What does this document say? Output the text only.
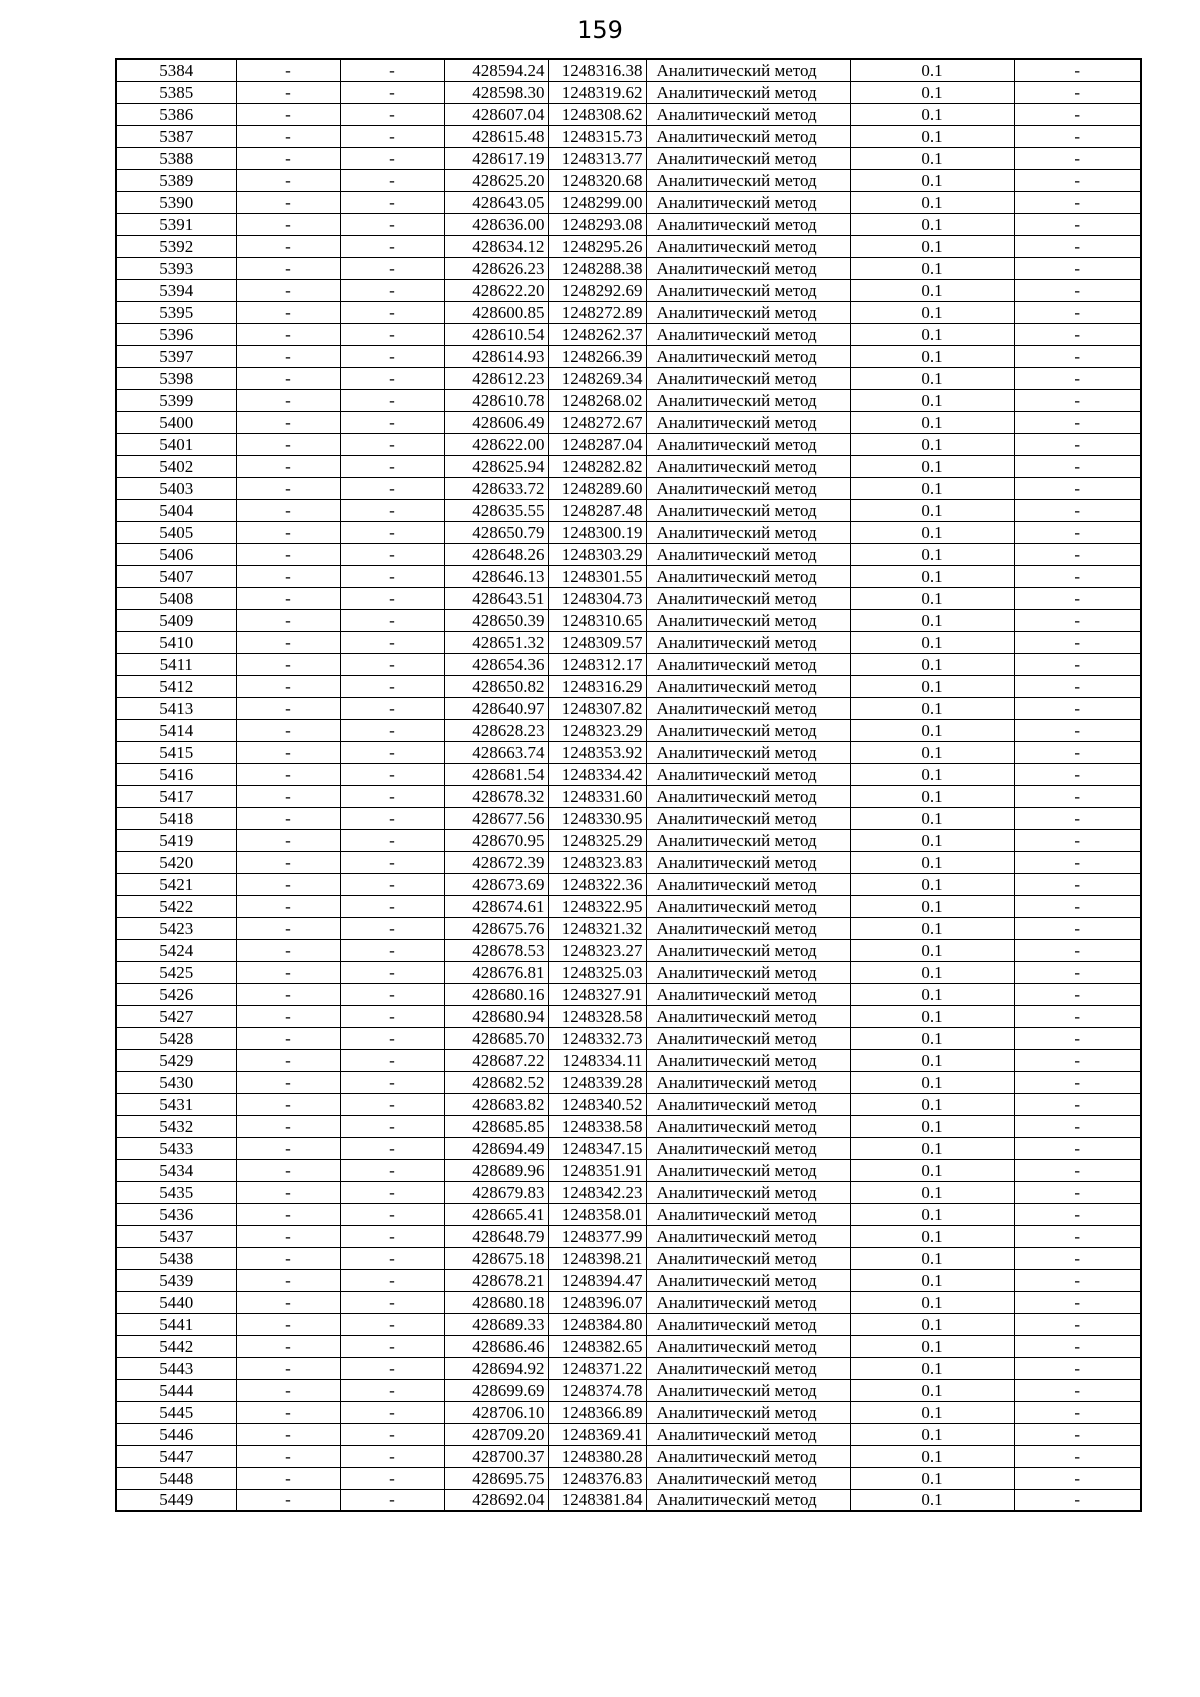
159
5384	-	-	428594.24	1248316.38	Аналитический метод	0.1	-
5385	-	-	428598.30	1248319.62	Аналитический метод	0.1	-
5386	-	-	428607.04	1248308.62	Аналитический метод	0.1	-
5387	-	-	428615.48	1248315.73	Аналитический метод	0.1	-
5388	-	-	428617.19	1248313.77	Аналитический метод	0.1	-
5389	-	-	428625.20	1248320.68	Аналитический метод	0.1	-
5390	-	-	428643.05	1248299.00	Аналитический метод	0.1	-
5391	-	-	428636.00	1248293.08	Аналитический метод	0.1	-
5392	-	-	428634.12	1248295.26	Аналитический метод	0.1	-
5393	-	-	428626.23	1248288.38	Аналитический метод	0.1	-
5394	-	-	428622.20	1248292.69	Аналитический метод	0.1	-
5395	-	-	428600.85	1248272.89	Аналитический метод	0.1	-
5396	-	-	428610.54	1248262.37	Аналитический метод	0.1	-
5397	-	-	428614.93	1248266.39	Аналитический метод	0.1	-
5398	-	-	428612.23	1248269.34	Аналитический метод	0.1	-
5399	-	-	428610.78	1248268.02	Аналитический метод	0.1	-
5400	-	-	428606.49	1248272.67	Аналитический метод	0.1	-
5401	-	-	428622.00	1248287.04	Аналитический метод	0.1	-
5402	-	-	428625.94	1248282.82	Аналитический метод	0.1	-
5403	-	-	428633.72	1248289.60	Аналитический метод	0.1	-
5404	-	-	428635.55	1248287.48	Аналитический метод	0.1	-
5405	-	-	428650.79	1248300.19	Аналитический метод	0.1	-
5406	-	-	428648.26	1248303.29	Аналитический метод	0.1	-
5407	-	-	428646.13	1248301.55	Аналитический метод	0.1	-
5408	-	-	428643.51	1248304.73	Аналитический метод	0.1	-
5409	-	-	428650.39	1248310.65	Аналитический метод	0.1	-
5410	-	-	428651.32	1248309.57	Аналитический метод	0.1	-
5411	-	-	428654.36	1248312.17	Аналитический метод	0.1	-
5412	-	-	428650.82	1248316.29	Аналитический метод	0.1	-
5413	-	-	428640.97	1248307.82	Аналитический метод	0.1	-
5414	-	-	428628.23	1248323.29	Аналитический метод	0.1	-
5415	-	-	428663.74	1248353.92	Аналитический метод	0.1	-
5416	-	-	428681.54	1248334.42	Аналитический метод	0.1	-
5417	-	-	428678.32	1248331.60	Аналитический метод	0.1	-
5418	-	-	428677.56	1248330.95	Аналитический метод	0.1	-
5419	-	-	428670.95	1248325.29	Аналитический метод	0.1	-
5420	-	-	428672.39	1248323.83	Аналитический метод	0.1	-
5421	-	-	428673.69	1248322.36	Аналитический метод	0.1	-
5422	-	-	428674.61	1248322.95	Аналитический метод	0.1	-
5423	-	-	428675.76	1248321.32	Аналитический метод	0.1	-
5424	-	-	428678.53	1248323.27	Аналитический метод	0.1	-
5425	-	-	428676.81	1248325.03	Аналитический метод	0.1	-
5426	-	-	428680.16	1248327.91	Аналитический метод	0.1	-
5427	-	-	428680.94	1248328.58	Аналитический метод	0.1	-
5428	-	-	428685.70	1248332.73	Аналитический метод	0.1	-
5429	-	-	428687.22	1248334.11	Аналитический метод	0.1	-
5430	-	-	428682.52	1248339.28	Аналитический метод	0.1	-
5431	-	-	428683.82	1248340.52	Аналитический метод	0.1	-
5432	-	-	428685.85	1248338.58	Аналитический метод	0.1	-
5433	-	-	428694.49	1248347.15	Аналитический метод	0.1	-
5434	-	-	428689.96	1248351.91	Аналитический метод	0.1	-
5435	-	-	428679.83	1248342.23	Аналитический метод	0.1	-
5436	-	-	428665.41	1248358.01	Аналитический метод	0.1	-
5437	-	-	428648.79	1248377.99	Аналитический метод	0.1	-
5438	-	-	428675.18	1248398.21	Аналитический метод	0.1	-
5439	-	-	428678.21	1248394.47	Аналитический метод	0.1	-
5440	-	-	428680.18	1248396.07	Аналитический метод	0.1	-
5441	-	-	428689.33	1248384.80	Аналитический метод	0.1	-
5442	-	-	428686.46	1248382.65	Аналитический метод	0.1	-
5443	-	-	428694.92	1248371.22	Аналитический метод	0.1	-
5444	-	-	428699.69	1248374.78	Аналитический метод	0.1	-
5445	-	-	428706.10	1248366.89	Аналитический метод	0.1	-
5446	-	-	428709.20	1248369.41	Аналитический метод	0.1	-
5447	-	-	428700.37	1248380.28	Аналитический метод	0.1	-
5448	-	-	428695.75	1248376.83	Аналитический метод	0.1	-
5449	-	-	428692.04	1248381.84	Аналитический метод	0.1	-
